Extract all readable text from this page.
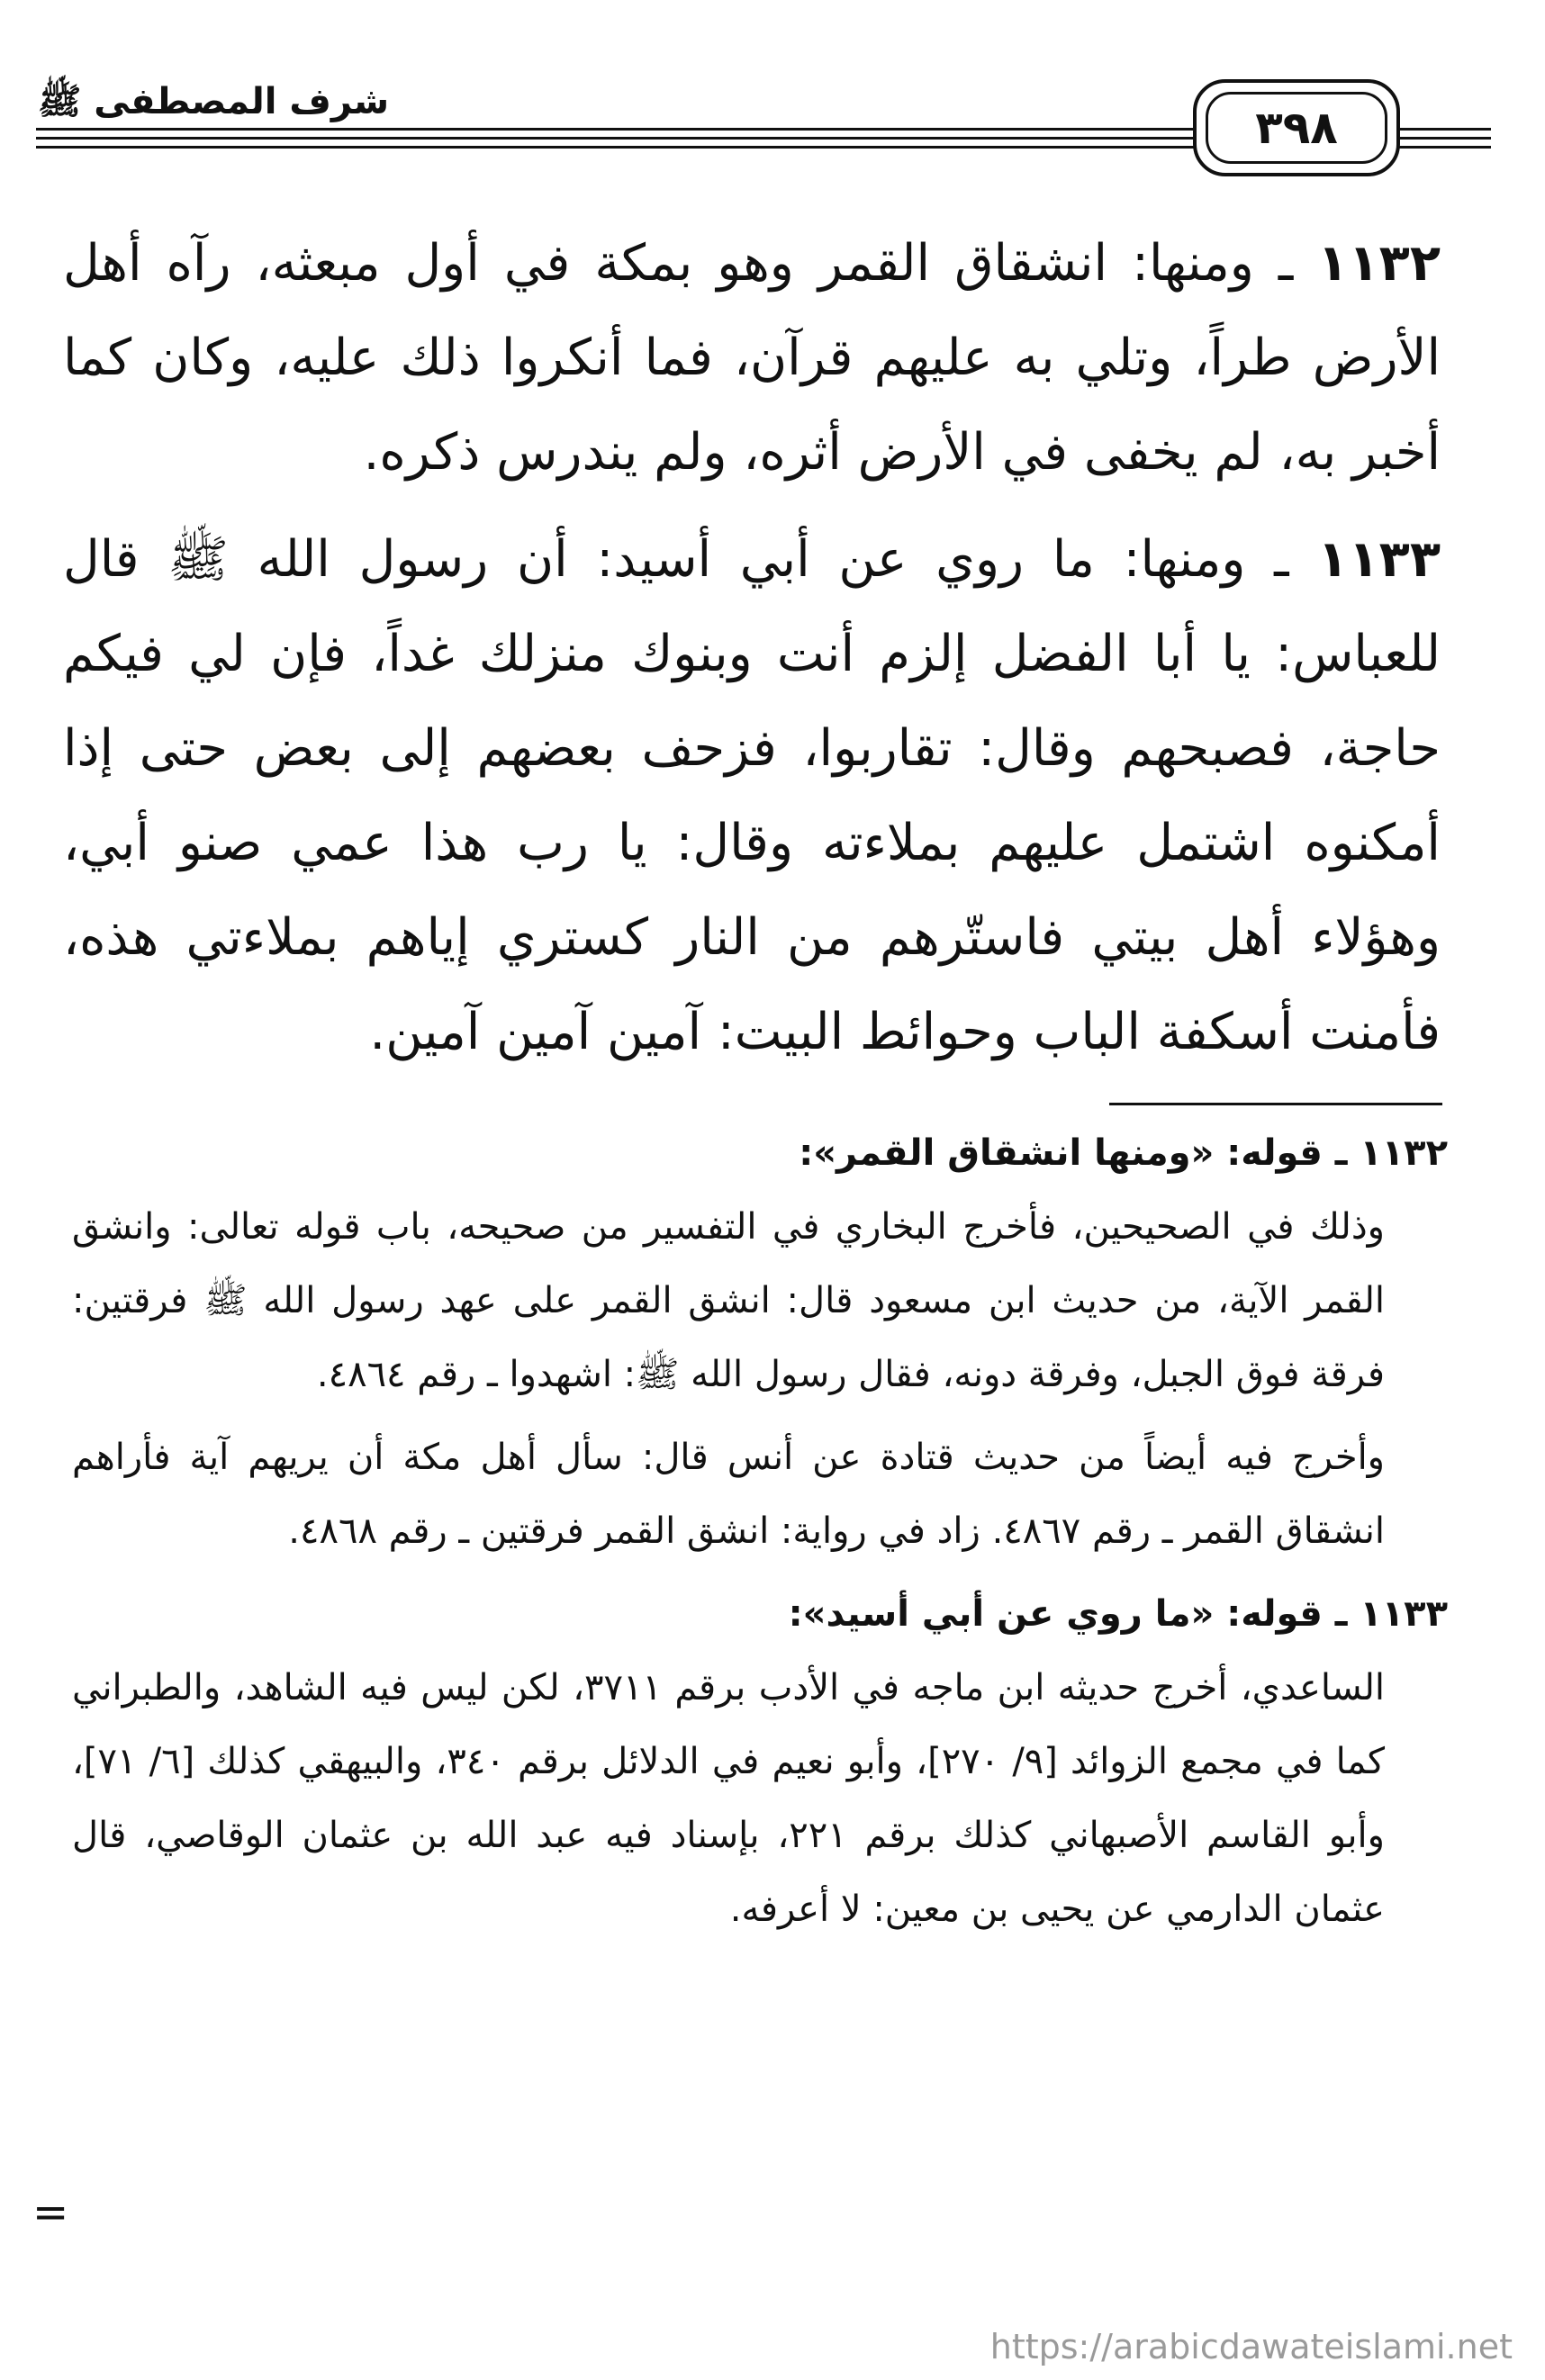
شرف المصطفى ﷺ	٣٩٨

١١٣٢ ـ ومنها: انشقاق القمر وهو بمكة في أول مبعثه، رآه أهل الأرض طراً، وتلي به عليهم قرآن، فما أنكروا ذلك عليه، وكان كما أخبر به، لم يخفى في الأرض أثره، ولم يندرس ذكره.

١١٣٣ ـ ومنها: ما روي عن أبي أسيد: أن رسول الله ﷺ قال للعباس: يا أبا الفضل إلزم أنت وبنوك منزلك غداً، فإن لي فيكم حاجة، فصبحهم وقال: تقاربوا، فزحف بعضهم إلى بعض حتى إذا أمكنوه اشتمل عليهم بملاءته وقال: يا رب هذا عمي صنو أبي، وهؤلاء أهل بيتي فاستّرهم من النار كستري إياهم بملاءتي هذه، فأمنت أسكفة الباب وحوائط البيت: آمين آمين آمين.

١١٣٢ ـ قوله: «ومنها انشقاق القمر»:

وذلك في الصحيحين، فأخرج البخاري في التفسير من صحيحه، باب قوله تعالى: وانشق القمر الآية، من حديث ابن مسعود قال: انشق القمر على عهد رسول الله ﷺ فرقتين: فرقة فوق الجبل، وفرقة دونه، فقال رسول الله ﷺ: اشهدوا ـ رقم ٤٨٦٤.

وأخرج فيه أيضاً من حديث قتادة عن أنس قال: سأل أهل مكة أن يريهم آية فأراهم انشقاق القمر ـ رقم ٤٨٦٧. زاد في رواية: انشق القمر فرقتين ـ رقم ٤٨٦٨.

١١٣٣ ـ قوله: «ما روي عن أبي أسيد»:

الساعدي، أخرج حديثه ابن ماجه في الأدب برقم ٣٧١١، لكن ليس فيه الشاهد، والطبراني كما في مجمع الزوائد [٩/ ٢٧٠]، وأبو نعيم في الدلائل برقم ٣٤٠، والبيهقي كذلك [٦/ ٧١]، وأبو القاسم الأصبهاني كذلك برقم ٢٢١، بإسناد فيه عبد الله بن عثمان الوقاصي، قال عثمان الدارمي عن يحيى بن معين: لا أعرفه.

=
https://arabicdawateislami.net
